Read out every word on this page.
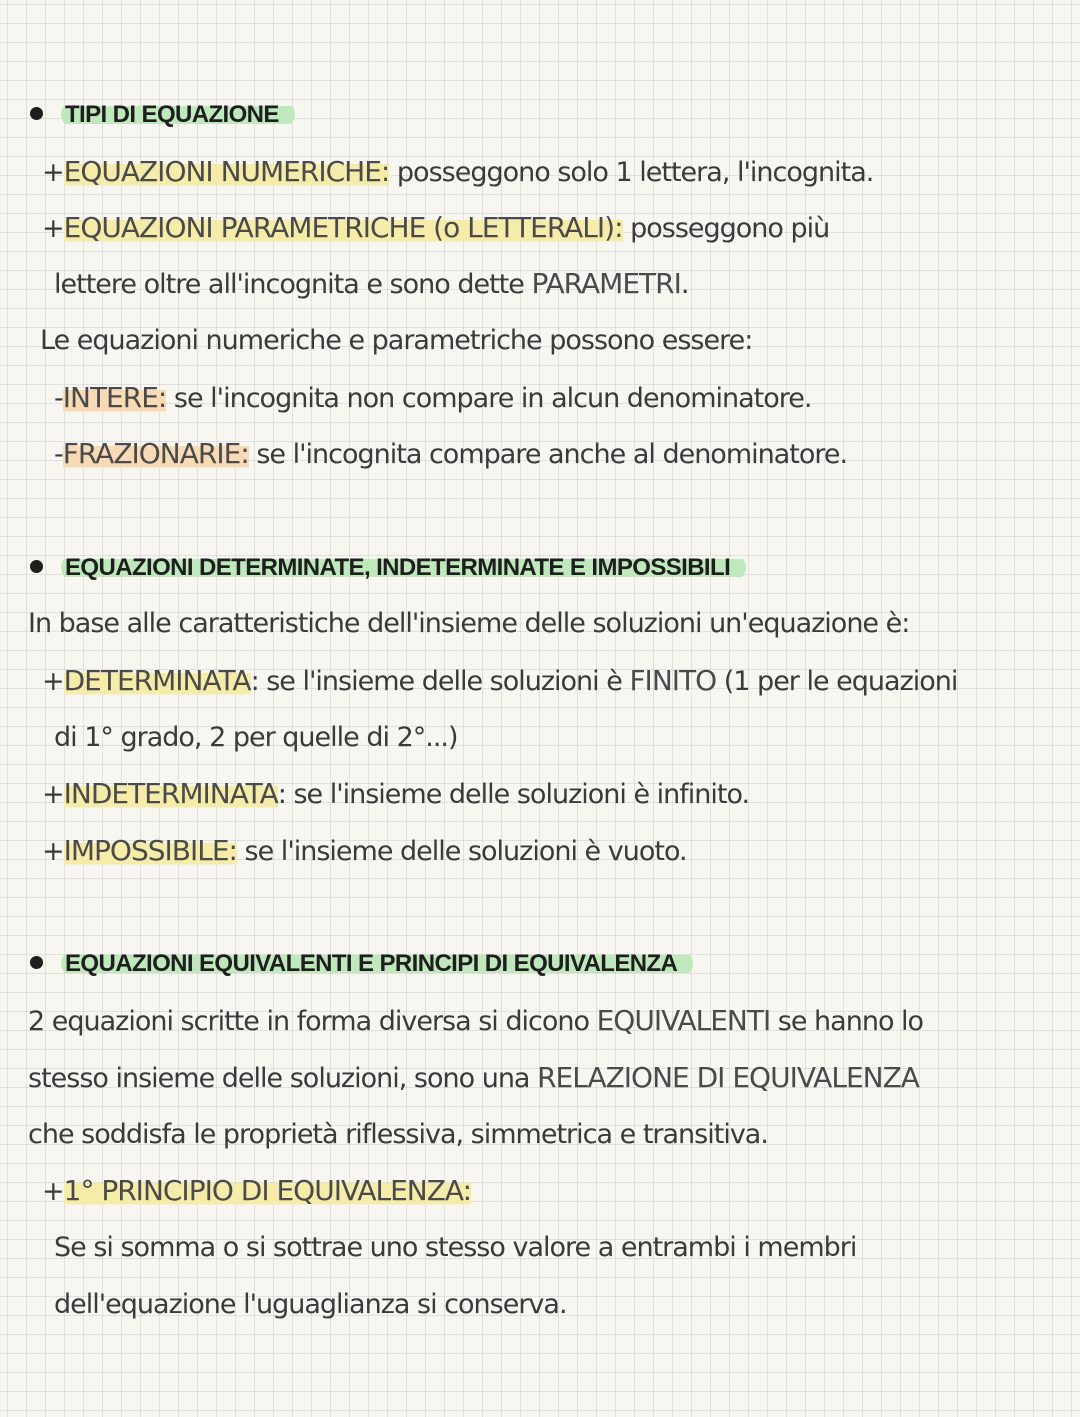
TIPI DI EQUAZIONE
+EQUAZIONI NUMERICHE: posseggono solo 1 lettera, l'incognita.
+EQUAZIONI PARAMETRICHE (o LETTERALI): posseggono più
lettere oltre all'incognita e sono dette PARAMETRI.
Le equazioni numeriche e parametriche possono essere:
-INTERE: se l'incognita non compare in alcun denominatore.
-FRAZIONARIE: se l'incognita compare anche al denominatore.
EQUAZIONI DETERMINATE, INDETERMINATE E IMPOSSIBILI
In base alle caratteristiche dell'insieme delle soluzioni un'equazione è:
+DETERMINATA: se l'insieme delle soluzioni è FINITO (1 per le equazioni
di 1° grado, 2 per quelle di 2°...)
+INDETERMINATA: se l'insieme delle soluzioni è infinito.
+IMPOSSIBILE: se l'insieme delle soluzioni è vuoto.
EQUAZIONI EQUIVALENTI E PRINCIPI DI EQUIVALENZA
2 equazioni scritte in forma diversa si dicono EQUIVALENTI se hanno lo
stesso insieme delle soluzioni, sono una RELAZIONE DI EQUIVALENZA
che soddisfa le proprietà riflessiva, simmetrica e transitiva.
+1° PRINCIPIO DI EQUIVALENZA:
Se si somma o si sottrae uno stesso valore a entrambi i membri
dell'equazione l'uguaglianza si conserva.
